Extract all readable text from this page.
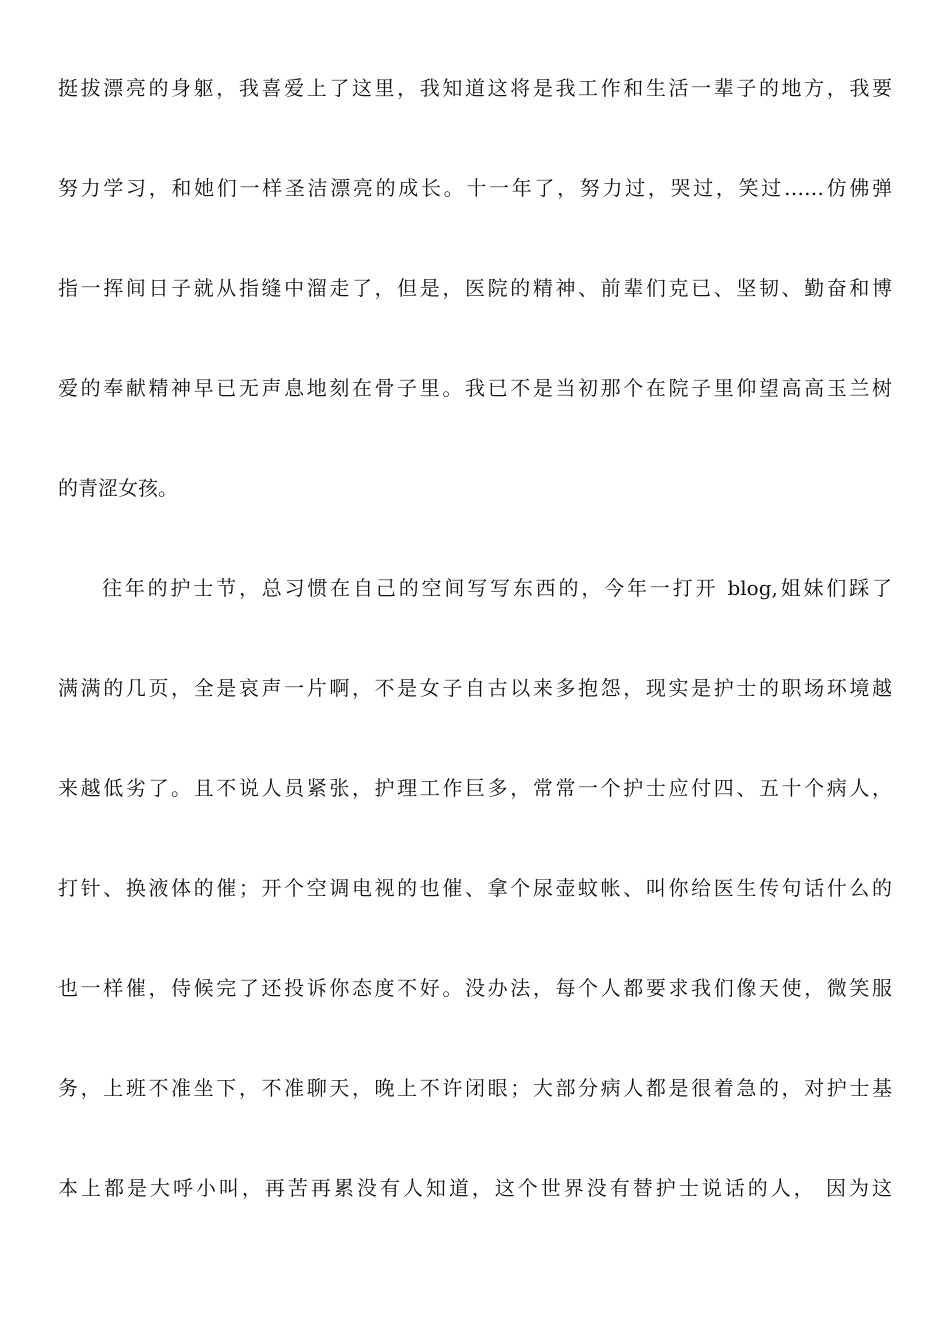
挺拔漂亮的身躯，我喜爱上了这里，我知道这将是我工作和生活一辈子的地方，我要
努力学习，和她们一样圣洁漂亮的成长。十一年了，努力过，哭过，笑过……仿佛弹
指一挥间日子就从指缝中溜走了，但是，医院的精神、前辈们克已、坚韧、勤奋和博
爱的奉献精神早已无声息地刻在骨子里。我已不是当初那个在院子里仰望高高玉兰树
的青涩女孩。
往年的护士节，总习惯在自己的空间写写东西的，今年一打开 blog,姐妹们踩了
满满的几页，全是哀声一片啊，不是女子自古以来多抱怨，现实是护士的职场环境越
来越低劣了。且不说人员紧张，护理工作巨多，常常一个护士应付四、五十个病人，
打针、换液体的催；开个空调电视的也催、拿个尿壶蚊帐、叫你给医生传句话什么的
也一样催，侍候完了还投诉你态度不好。没办法，每个人都要求我们像天使，微笑服
务，上班不准坐下，不准聊天，晚上不许闭眼；大部分病人都是很着急的，对护士基
本上都是大呼小叫，再苦再累没有人知道，这个世界没有替护士说话的人， 因为这
